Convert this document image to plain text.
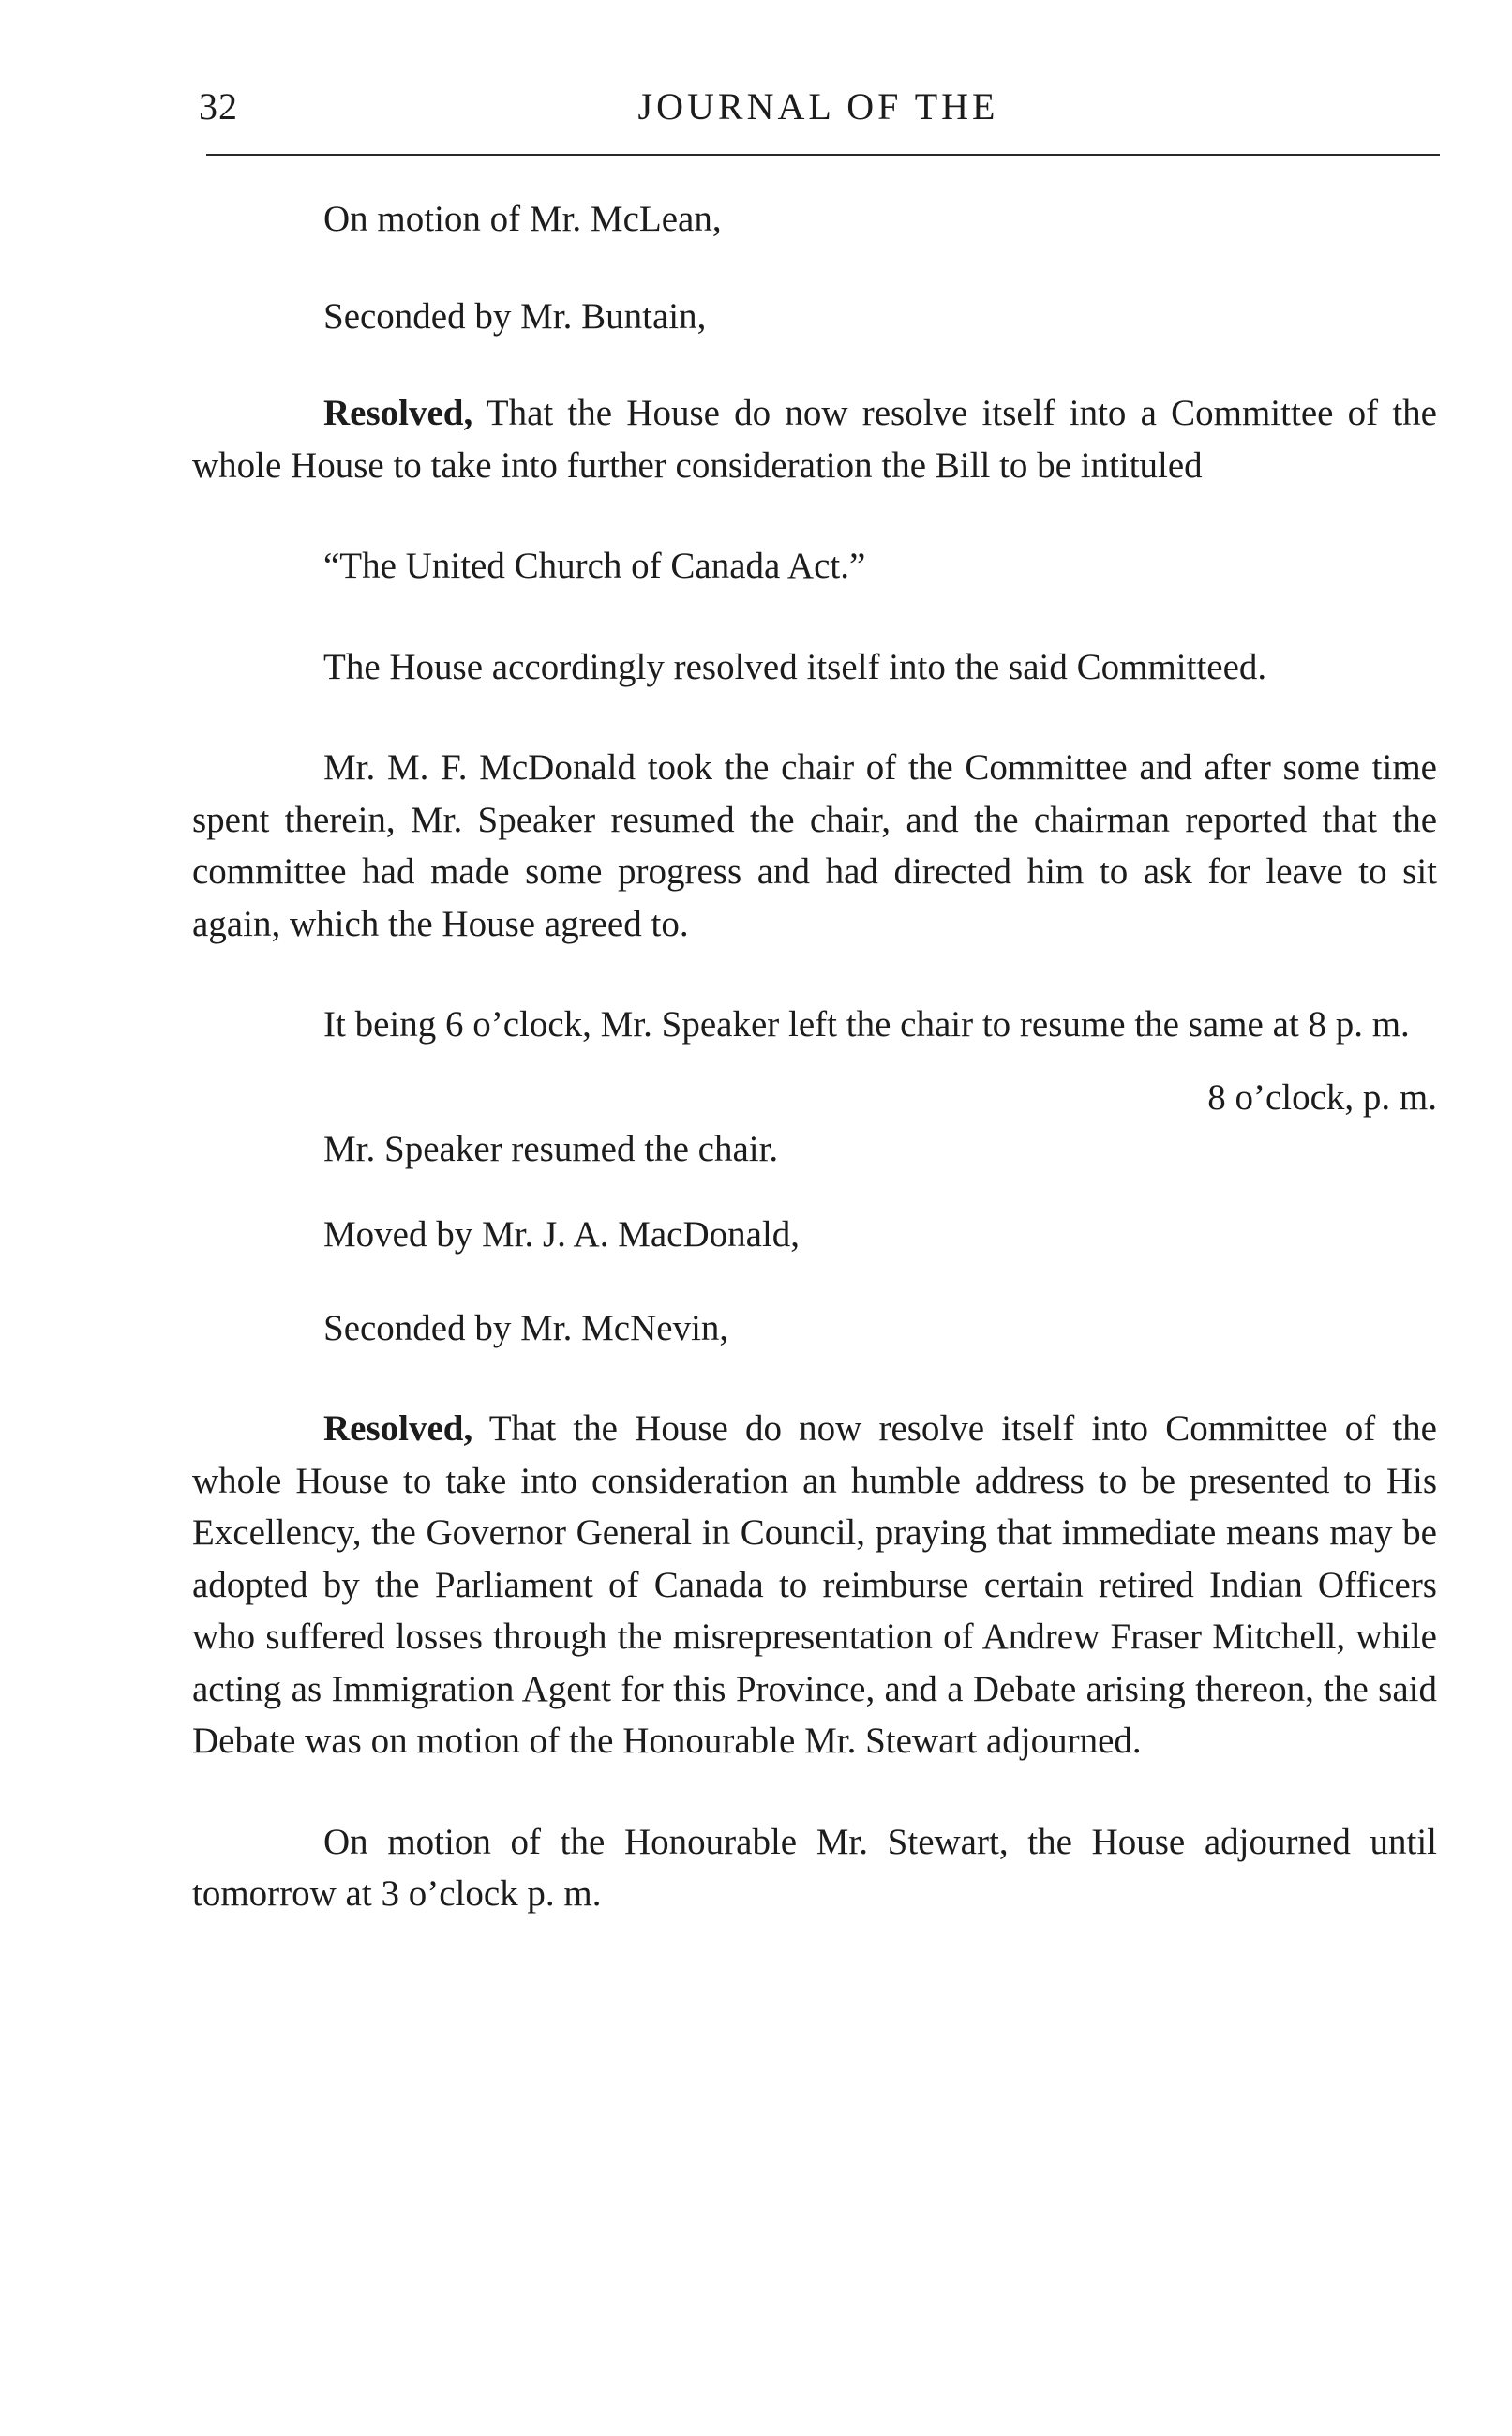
32	JOURNAL OF THE

On motion of Mr. McLean,

Seconded by Mr. Buntain,

Resolved, That the House do now resolve itself into a Committee of the whole House to take into further consideration the Bill to be intituled

“The United Church of Canada Act.”

The House accordingly resolved itself into the said Committeed.

Mr. M. F. McDonald took the chair of the Committee and after some time spent therein, Mr. Speaker resumed the chair, and the chairman reported that the committee had made some progress and had directed him to ask for leave to sit again, which the House agreed to.

It being 6 o’clock, Mr. Speaker left the chair to resume the same at 8 p. m.

8 o’clock, p. m.

Mr. Speaker resumed the chair.

Moved by Mr. J. A. MacDonald,

Seconded by Mr. McNevin,

Resolved, That the House do now resolve itself into Committee of the whole House to take into consideration an humble address to be presented to His Excellency, the Governor General in Council, praying that immediate means may be adopted by the Parliament of Canada to reimburse certain retired Indian Officers who suffered losses through the misrepresentation of Andrew Fraser Mitchell, while acting as Immigration Agent for this Province, and a Debate arising thereon, the said Debate was on motion of the Honourable Mr. Stewart adjourned.

On motion of the Honourable Mr. Stewart, the House adjourned until tomorrow at 3 o’clock p. m.
